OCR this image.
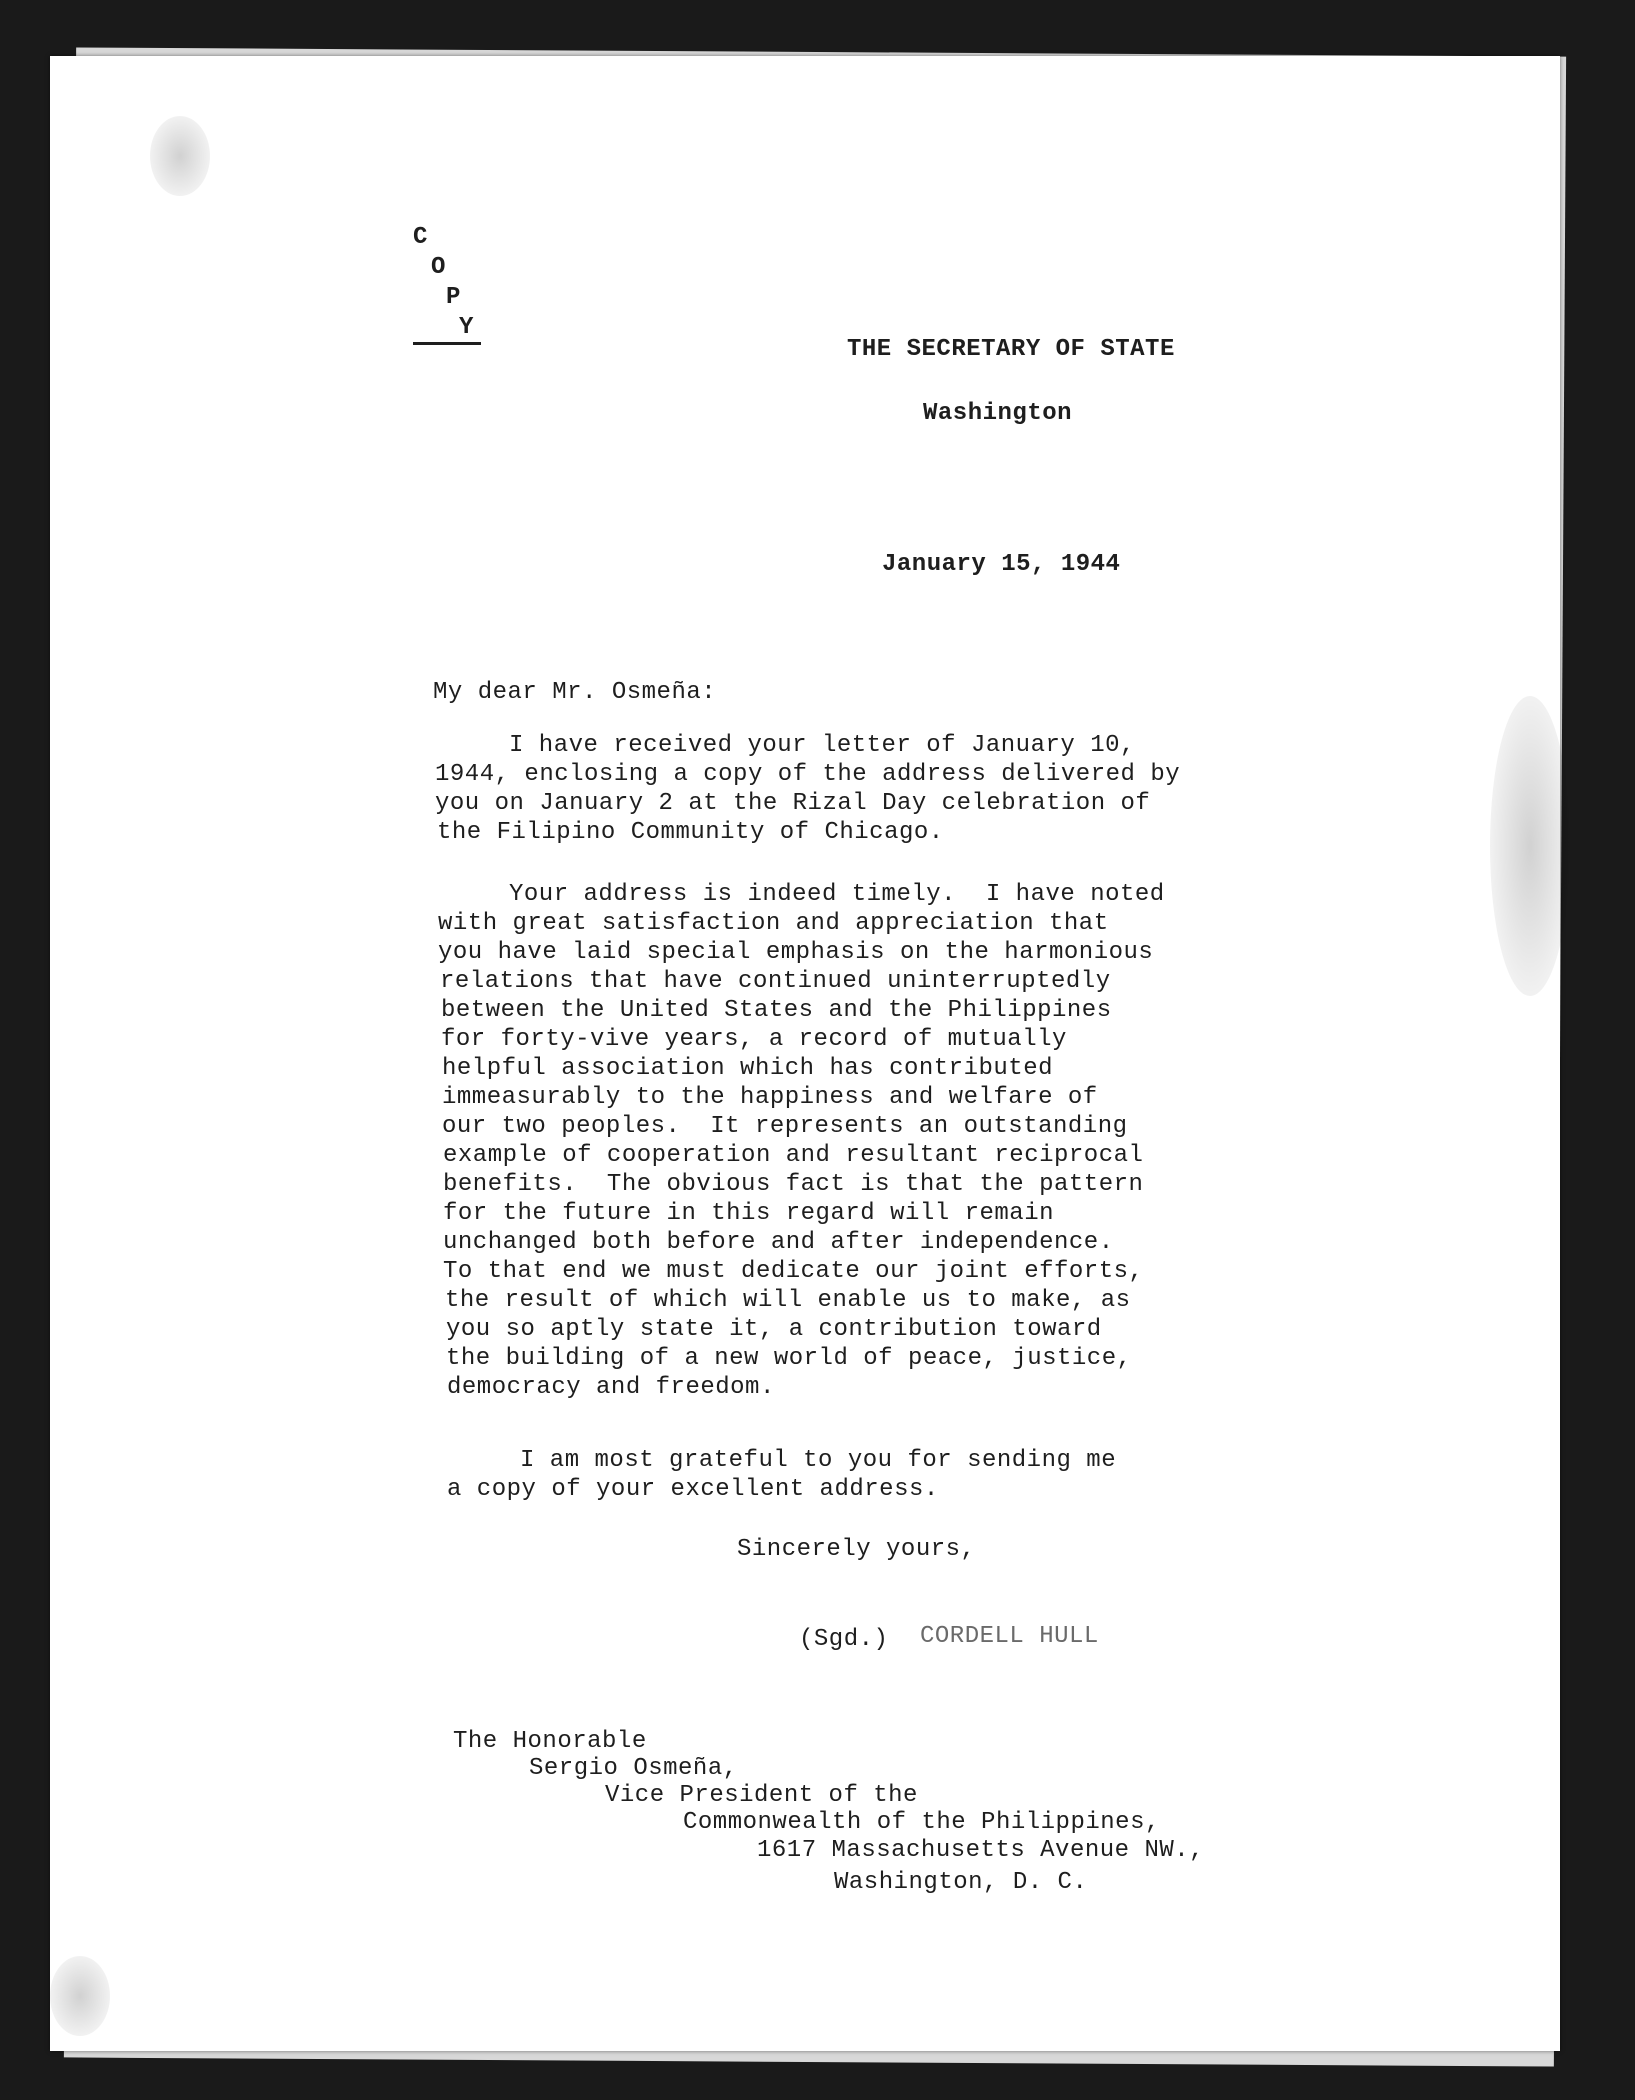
C
O
P
Y
THE SECRETARY OF STATE
Washington
January 15, 1944
My dear Mr. Osmeña:
I have received your letter of January 10,
1944, enclosing a copy of the address delivered by
you on January 2 at the Rizal Day celebration of
the Filipino Community of Chicago.
Your address is indeed timely.  I have noted
with great satisfaction and appreciation that
you have laid special emphasis on the harmonious
relations that have continued uninterruptedly
between the United States and the Philippines
for forty-vive years, a record of mutually
helpful association which has contributed
immeasurably to the happiness and welfare of
our two peoples.  It represents an outstanding
example of cooperation and resultant reciprocal
benefits.  The obvious fact is that the pattern
for the future in this regard will remain
unchanged both before and after independence.
To that end we must dedicate our joint efforts,
the result of which will enable us to make, as
you so aptly state it, a contribution toward
the building of a new world of peace, justice,
democracy and freedom.
I am most grateful to you for sending me
a copy of your excellent address.
Sincerely yours,
(Sgd.) CORDELL HULL
The Honorable
Sergio Osmeña,
Vice President of the
Commonwealth of the Philippines,
1617 Massachusetts Avenue NW.,
Washington, D. C.
